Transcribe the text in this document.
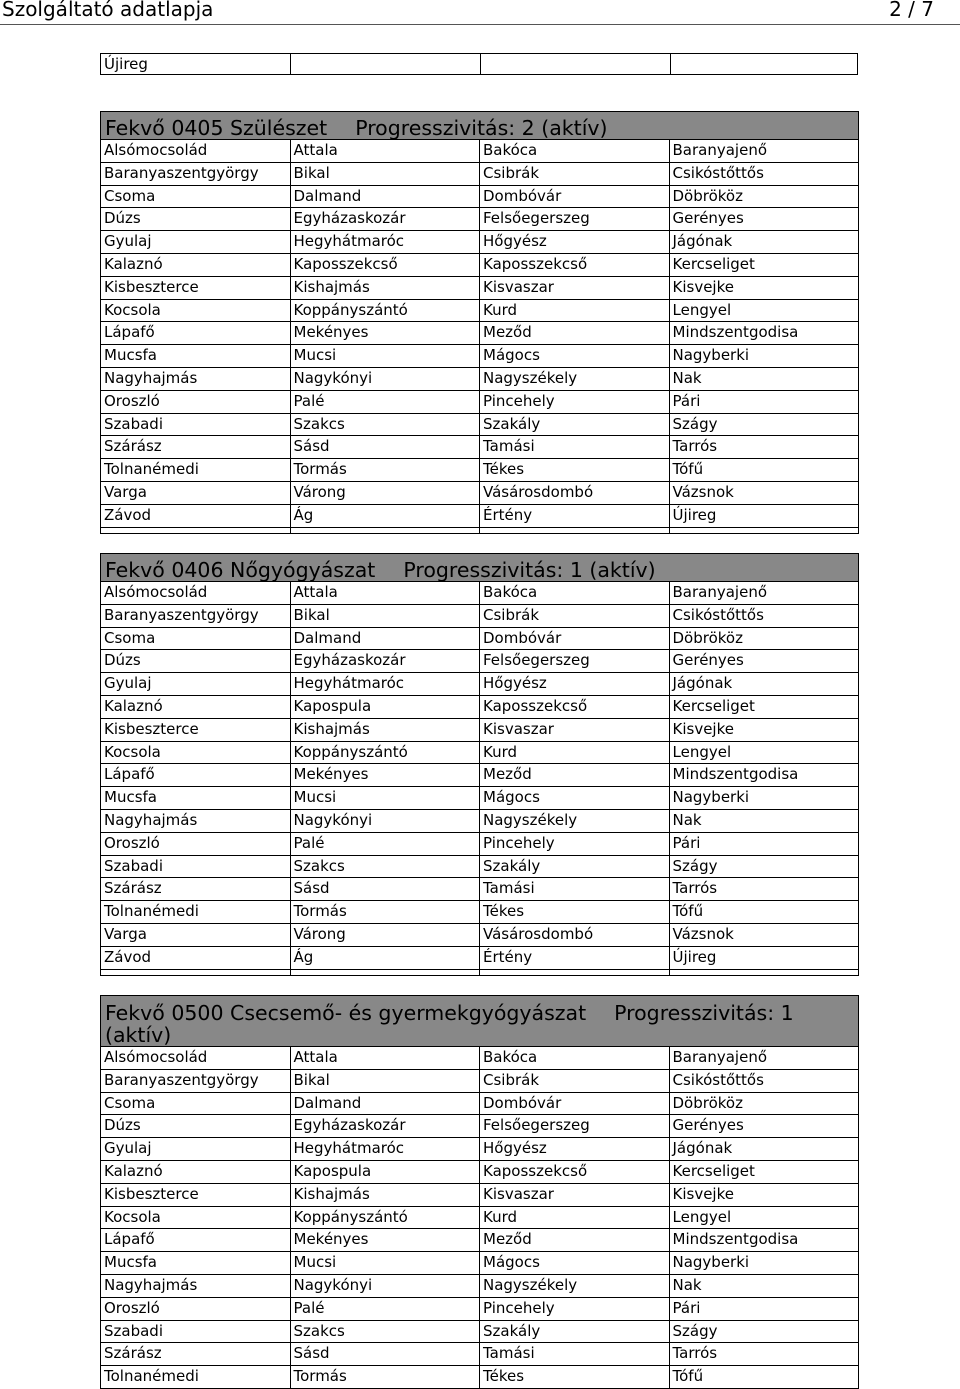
Szolgáltató adatlapja	2 / 7
Újireg			
Fekvő 0405 Szülészet Progresszivitás: 2 (aktív)
Alsómocsolád	Attala	Bakóca	Baranyajenő
Baranyaszentgyörgy	Bikal	Csibrák	Csikóstőttős
Csoma	Dalmand	Dombóvár	Döbrököz
Dúzs	Egyházaskozár	Felsőegerszeg	Gerényes
Gyulaj	Hegyhátmaróc	Hőgyész	Jágónak
Kalaznó	Kaposszekcső	Kaposszekcső	Kercseliget
Kisbeszterce	Kishajmás	Kisvaszar	Kisvejke
Kocsola	Koppányszántó	Kurd	Lengyel
Lápafő	Mekényes	Meződ	Mindszentgodisa
Mucsfa	Mucsi	Mágocs	Nagyberki
Nagyhajmás	Nagykónyi	Nagyszékely	Nak
Oroszló	Palé	Pincehely	Pári
Szabadi	Szakcs	Szakály	Szágy
Szárász	Sásd	Tamási	Tarrós
Tolnanémedi	Tormás	Tékes	Tófű
Varga	Várong	Vásárosdombó	Vázsnok
Závod	Ág	Értény	Újireg

Fekvő 0406 Nőgyógyászat Progresszivitás: 1 (aktív)
Alsómocsolád	Attala	Bakóca	Baranyajenő
Baranyaszentgyörgy	Bikal	Csibrák	Csikóstőttős
Csoma	Dalmand	Dombóvár	Döbrököz
Dúzs	Egyházaskozár	Felsőegerszeg	Gerényes
Gyulaj	Hegyhátmaróc	Hőgyész	Jágónak
Kalaznó	Kapospula	Kaposszekcső	Kercseliget
Kisbeszterce	Kishajmás	Kisvaszar	Kisvejke
Kocsola	Koppányszántó	Kurd	Lengyel
Lápafő	Mekényes	Meződ	Mindszentgodisa
Mucsfa	Mucsi	Mágocs	Nagyberki
Nagyhajmás	Nagykónyi	Nagyszékely	Nak
Oroszló	Palé	Pincehely	Pári
Szabadi	Szakcs	Szakály	Szágy
Szárász	Sásd	Tamási	Tarrós
Tolnanémedi	Tormás	Tékes	Tófű
Varga	Várong	Vásárosdombó	Vázsnok
Závod	Ág	Értény	Újireg

Fekvő 0500 Csecsemő- és gyermekgyógyászat Progresszivitás: 1 (aktív)
Alsómocsolád	Attala	Bakóca	Baranyajenő
Baranyaszentgyörgy	Bikal	Csibrák	Csikóstőttős
Csoma	Dalmand	Dombóvár	Döbrököz
Dúzs	Egyházaskozár	Felsőegerszeg	Gerényes
Gyulaj	Hegyhátmaróc	Hőgyész	Jágónak
Kalaznó	Kapospula	Kaposszekcső	Kercseliget
Kisbeszterce	Kishajmás	Kisvaszar	Kisvejke
Kocsola	Koppányszántó	Kurd	Lengyel
Lápafő	Mekényes	Meződ	Mindszentgodisa
Mucsfa	Mucsi	Mágocs	Nagyberki
Nagyhajmás	Nagykónyi	Nagyszékely	Nak
Oroszló	Palé	Pincehely	Pári
Szabadi	Szakcs	Szakály	Szágy
Szárász	Sásd	Tamási	Tarrós
Tolnanémedi	Tormás	Tékes	Tófű
